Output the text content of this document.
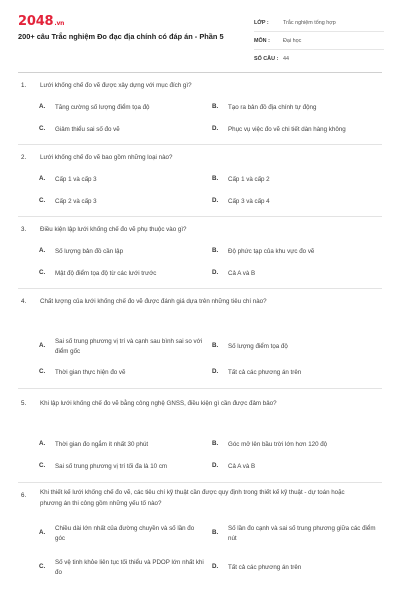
2048.vn
200+ câu Trắc nghiệm Đo đạc địa chính có đáp án - Phần 5
LỚP :	Trắc nghiệm tổng hợp
MÔN :	Đại học
SỐ CÂU : 44
1. Lưới khống chế đo vẽ được xây dựng với mục đích gì?
A. Tăng cường số lượng điểm tọa độ	B. Tạo ra bản đồ địa chính tự động
C. Giảm thiểu sai số đo vẽ	D. Phục vụ việc đo vẽ chi tiết dàn hàng không
2. Lưới khống chế đo vẽ bao gồm những loại nào?
A. Cấp 1 và cấp 3	B. Cấp 1 và cấp 2
C. Cấp 2 và cấp 3	D. Cấp 3 và cấp 4
3. Điều kiện lập lưới khống chế đo vẽ phụ thuộc vào gì?
A. Số lượng bản đồ cần lập	B. Độ phức tạp của khu vực đo vẽ
C. Mật độ điểm tọa độ từ các lưới trước	D. Cả A và B
4. Chất lượng của lưới khống chế đo vẽ được đánh giá dựa trên những tiêu chí nào?
A.
Sai số trung phương vị trí và cạnh sau bình sai so với điểm gốc
B. Số lượng điểm tọa độ
C. Thời gian thực hiện đo vẽ	D. Tất cả các phương án trên
5. Khi lập lưới khống chế đo vẽ bằng công nghệ GNSS, điều kiện gì cần được đảm bảo?
A. Thời gian đo ngắm ít nhất 30 phút	B. Góc mở lên bầu trời lớn hơn 120 độ
C. Sai số trung phương vị trí tối đa là 10 cm	D. Cả A và B
6. Khi thiết kế lưới khống chế đo vẽ, các tiêu chí kỹ thuật cần được quy định trong thiết kế kỹ thuật - dự toán hoặc phương án thi công gồm những yếu tố nào?
A.
Chiều dài lớn nhất của đường chuyền và số lần đo góc
B.
Số lần đo cạnh và sai số trung phương giữa các điểm nút
C.
Số vệ tinh khỏe liên tục tối thiểu và PDOP lớn nhất khi đo
D. Tất cả các phương án trên
